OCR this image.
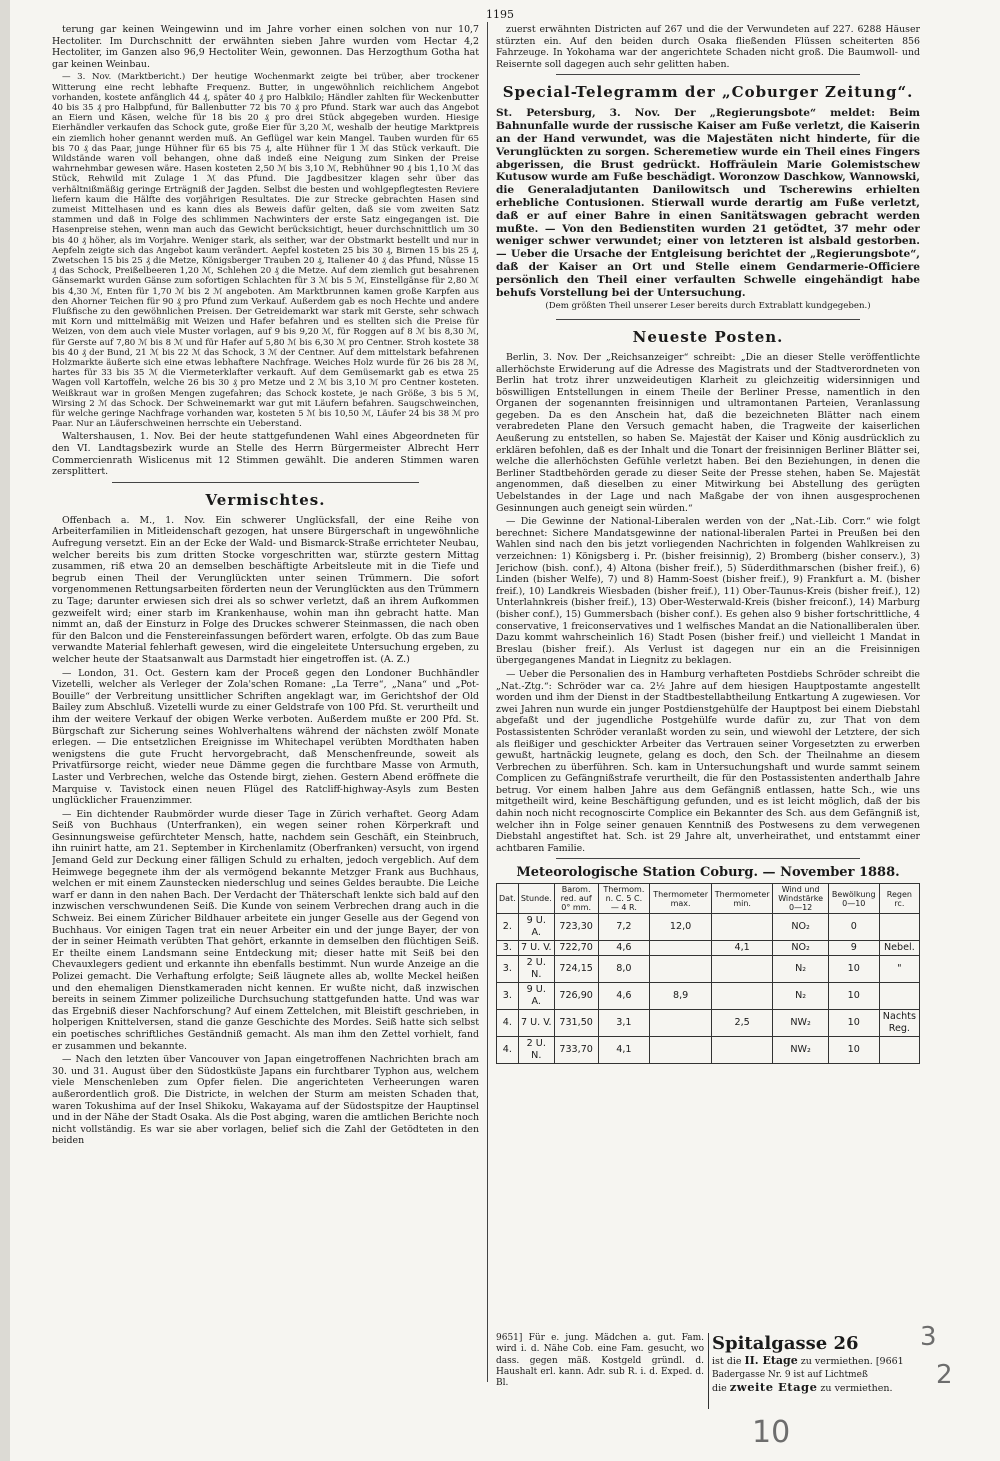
1195

terung gar keinen Weingewinn und im Jahre vorher einen solchen von nur 10,7 Hectoliter. Im Durchschnitt der erwähnten sieben Jahre wurden vom Hectar 4,2 Hectoliter, im Ganzen also 96,9 Hectoliter Wein, gewonnen. Das Herzogthum Gotha hat gar keinen Weinbau.

— 3. Nov. (Marktbericht.) Der heutige Wochenmarkt zeigte bei trüber, aber trockener Witterung eine recht lebhafte Frequenz. Butter, in ungewöhnlich reichlichem Angebot vorhanden, kostete anfänglich 44 ₰, später 40 ₰ pro Halbkilo; Händler zahlten für Weckenbutter 40 bis 35 ₰ pro Halbpfund, für Ballenbutter 72 bis 70 ₰ pro Pfund. Stark war auch das Angebot an Eiern und Käsen, welche für 18 bis 20 ₰ pro drei Stück abgegeben wurden. Hiesige Eierhändler verkaufen das Schock gute, große Eier für 3,20 ℳ, weshalb der heutige Marktpreis ein ziemlich hoher genannt werden muß. An Geflügel war kein Mangel. Tauben wurden für 65 bis 70 ₰ das Paar, junge Hühner für 65 bis 75 ₰, alte Hühner für 1 ℳ das Stück verkauft. Die Wildstände waren voll behangen, ohne daß indeß eine Neigung zum Sinken der Preise wahrnehmbar gewesen wäre. Hasen kosteten 2,50 ℳ bis 3,10 ℳ, Rebhühner 90 ₰ bis 1,10 ℳ das Stück, Rehwild mit Zulage 1 ℳ das Pfund. Die Jagdbesitzer klagen sehr über das verhältnißmäßig geringe Erträgniß der Jagden. Selbst die besten und wohlgepflegtesten Reviere liefern kaum die Hälfte des vorjährigen Resultates. Die zur Strecke gebrachten Hasen sind zumeist Mittelhasen und es kann dies als Beweis dafür gelten, daß sie vom zweiten Satz stammen und daß in Folge des schlimmen Nachwinters der erste Satz eingegangen ist. Die Hasenpreise stehen, wenn man auch das Gewicht berücksichtigt, heuer durchschnittlich um 30 bis 40 ₰ höher, als im Vorjahre. Weniger stark, als seither, war der Obstmarkt bestellt und nur in Aepfeln zeigte sich das Angebot kaum verändert. Aepfel kosteten 25 bis 30 ₰, Birnen 15 bis 25 ₰, Zwetschen 15 bis 25 ₰ die Metze, Königsberger Trauben 20 ₰, Italiener 40 ₰ das Pfund, Nüsse 15 ₰ das Schock, Preißelbeeren 1,20 ℳ, Schlehen 20 ₰ die Metze. Auf dem ziemlich gut besahrenen Gänsemarkt wurden Gänse zum sofortigen Schlachten für 3 ℳ bis 5 ℳ, Einstellgänse für 2,80 ℳ bis 4,30 ℳ, Enten für 1,70 ℳ bis 2 ℳ angeboten. Am Marktbrunnen kamen große Karpfen aus den Ahorner Teichen für 90 ₰ pro Pfund zum Verkauf. Außerdem gab es noch Hechte und andere Flußfische zu den gewöhnlichen Preisen. Der Getreidemarkt war stark mit Gerste, sehr schwach mit Korn und mittelmäßig mit Weizen und Hafer befahren und es stellten sich die Preise für Weizen, von dem auch viele Muster vorlagen, auf 9 bis 9,20 ℳ, für Roggen auf 8 ℳ bis 8,30 ℳ, für Gerste auf 7,80 ℳ bis 8 ℳ und für Hafer auf 5,80 ℳ bis 6,30 ℳ pro Centner. Stroh kostete 38 bis 40 ₰ der Bund, 21 ℳ bis 22 ℳ das Schock, 3 ℳ der Centner. Auf dem mittelstark befahrenen Holzmarkte äußerte sich eine etwas lebhaftere Nachfrage. Weiches Holz wurde für 26 bis 28 ℳ, hartes für 33 bis 35 ℳ die Viermeterklafter verkauft. Auf dem Gemüsemarkt gab es etwa 25 Wagen voll Kartoffeln, welche 26 bis 30 ₰ pro Metze und 2 ℳ bis 3,10 ℳ pro Centner kosteten. Weißkraut war in großen Mengen zugefahren; das Schock kostete, je nach Größe, 3 bis 5 ℳ, Wirsing 2 ℳ das Schock. Der Schweinemarkt war gut mit Läufern befahren. Saugschweinchen, für welche geringe Nachfrage vorhanden war, kosteten 5 ℳ bis 10,50 ℳ, Läufer 24 bis 38 ℳ pro Paar. Nur an Läuferschweinen herrschte ein Ueberstand.

Waltershausen, 1. Nov. Bei der heute stattgefundenen Wahl eines Abgeordneten für den VI. Landtagsbezirk wurde an Stelle des Herrn Bürgermeister Albrecht Herr Commercienrath Wislicenus mit 12 Stimmen gewählt. Die anderen Stimmen waren zersplittert.

Vermischtes.

Offenbach a. M., 1. Nov. Ein schwerer Unglücksfall, der eine Reihe von Arbeiterfamilien in Mitleidenschaft gezogen, hat unsere Bürgerschaft in ungewöhnliche Aufregung versetzt. Ein an der Ecke der Wald- und Bismarck-Straße errichteter Neubau, welcher bereits bis zum dritten Stocke vorgeschritten war, stürzte gestern Mittag zusammen, riß etwa 20 an demselben beschäftigte Arbeitsleute mit in die Tiefe und begrub einen Theil der Verunglückten unter seinen Trümmern. Die sofort vorgenommenen Rettungsarbeiten förderten neun der Verunglückten aus den Trümmern zu Tage; darunter erwiesen sich drei als so schwer verletzt, daß an ihrem Aufkommen gezweifelt wird; einer starb im Krankenhause, wohin man ihn gebracht hatte. Man nimmt an, daß der Einsturz in Folge des Druckes schwerer Steinmassen, die nach oben für den Balcon und die Fenstereinfassungen befördert waren, erfolgte. Ob das zum Baue verwandte Material fehlerhaft gewesen, wird die eingeleitete Untersuchung ergeben, zu welcher heute der Staatsanwalt aus Darmstadt hier eingetroffen ist. (A. Z.)

— London, 31. Oct. Gestern kam der Proceß gegen den Londoner Buchhändler Vizetelli, welcher als Verleger der Zola'schen Romane: „La Terre“, „Nana“ und „Pot-Bouille“ der Verbreitung unsittlicher Schriften angeklagt war, im Gerichtshof der Old Bailey zum Abschluß. Vizetelli wurde zu einer Geldstrafe von 100 Pfd. St. verurtheilt und ihm der weitere Verkauf der obigen Werke verboten. Außerdem mußte er 200 Pfd. St. Bürgschaft zur Sicherung seines Wohlverhaltens während der nächsten zwölf Monate erlegen. — Die entsetzlichen Ereignisse im Whitechapel verübten Mordthaten haben wenigstens die gute Frucht hervorgebracht, daß Menschenfreunde, soweit als Privatfürsorge reicht, wieder neue Dämme gegen die furchtbare Masse von Armuth, Laster und Verbrechen, welche das Ostende birgt, ziehen. Gestern Abend eröffnete die Marquise v. Tavistock einen neuen Flügel des Ratcliff-highway-Asyls zum Besten unglücklicher Frauenzimmer.

— Ein dichtender Raubmörder wurde dieser Tage in Zürich verhaftet. Georg Adam Seiß von Buchhaus (Unterfranken), ein wegen seiner rohen Körperkraft und Gesinnungsweise gefürchteter Mensch, hatte, nachdem sein Geschäft, ein Steinbruch, ihn ruinirt hatte, am 21. September in Kirchenlamitz (Oberfranken) versucht, von irgend Jemand Geld zur Deckung einer fälligen Schuld zu erhalten, jedoch vergeblich. Auf dem Heimwege begegnete ihm der als vermögend bekannte Metzger Frank aus Buchhaus, welchen er mit einem Zaunstecken niederschlug und seines Geldes beraubte. Die Leiche warf er dann in den nahen Bach. Der Verdacht der Thäterschaft lenkte sich bald auf den inzwischen verschwundenen Seiß. Die Kunde von seinem Verbrechen drang auch in die Schweiz. Bei einem Züricher Bildhauer arbeitete ein junger Geselle aus der Gegend von Buchhaus. Vor einigen Tagen trat ein neuer Arbeiter ein und der junge Bayer, der von der in seiner Heimath verübten That gehört, erkannte in demselben den flüchtigen Seiß. Er theilte einem Landsmann seine Entdeckung mit; dieser hatte mit Seiß bei den Chevauxlegers gedient und erkannte ihn ebenfalls bestimmt. Nun wurde Anzeige an die Polizei gemacht. Die Verhaftung erfolgte; Seiß läugnete alles ab, wollte Meckel heißen und den ehemaligen Dienstkameraden nicht kennen. Er wußte nicht, daß inzwischen bereits in seinem Zimmer polizeiliche Durchsuchung stattgefunden hatte. Und was war das Ergebniß dieser Nachforschung? Auf einem Zettelchen, mit Bleistift geschrieben, in holperigen Knittelversen, stand die ganze Geschichte des Mordes. Seiß hatte sich selbst ein poetisches schriftliches Geständniß gemacht. Als man ihm den Zettel vorhielt, fand er zusammen und bekannte.

— Nach den letzten über Vancouver von Japan eingetroffenen Nachrichten brach am 30. und 31. August über den Südostküste Japans ein furchtbarer Typhon aus, welchem viele Menschenleben zum Opfer fielen. Die angerichteten Verheerungen waren außerordentlich groß. Die Districte, in welchen der Sturm am meisten Schaden that, waren Tokushima auf der Insel Shikoku, Wakayama auf der Südostspitze der Hauptinsel und in der Nähe der Stadt Osaka. Als die Post abging, waren die amtlichen Berichte noch nicht vollständig. Es war sie aber vorlagen, belief sich die Zahl der Getödteten in den beiden

zuerst erwähnten Districten auf 267 und die der Verwundeten auf 227. 6288 Häuser stürzten ein. Auf den beiden durch Osaka fließenden Flüssen scheiterten 856 Fahrzeuge. In Yokohama war der angerichtete Schaden nicht groß. Die Baumwoll- und Reisernte soll dagegen auch sehr gelitten haben.

Special-Telegramm der „Coburger Zeitung“.

St. Petersburg, 3. Nov. Der „Regierungsbote“ meldet: Beim Bahnunfalle wurde der russische Kaiser am Fuße verletzt, die Kaiserin an der Hand verwundet, was die Majestäten nicht hinderte, für die Verunglückten zu sorgen. Scheremetiew wurde ein Theil eines Fingers abgerissen, die Brust gedrückt. Hoffräulein Marie Golemistschew Kutusow wurde am Fuße beschädigt. Woronzow Daschkow, Wannowski, die Generaladjutanten Danilowitsch und Tscherewins erhielten erhebliche Contusionen. Stierwall wurde derartig am Fuße verletzt, daß er auf einer Bahre in einen Sanitätswagen gebracht werden mußte. — Von den Bedienstiten wurden 21 getödtet, 37 mehr oder weniger schwer verwundet; einer von letzteren ist alsbald gestorben. — Ueber die Ursache der Entgleisung berichtet der „Regierungsbote“, daß der Kaiser an Ort und Stelle einem Gendarmerie-Officiere persönlich den Theil einer verfaulten Schwelle eingehändigt habe behufs Vorstellung bei der Untersuchung.

(Dem größten Theil unserer Leser bereits durch Extrablatt kundgegeben.)
Neueste Posten.

Berlin, 3. Nov. Der „Reichsanzeiger“ schreibt: „Die an dieser Stelle veröffentlichte allerhöchste Erwiderung auf die Adresse des Magistrats und der Stadtverordneten von Berlin hat trotz ihrer unzweideutigen Klarheit zu gleichzeitig widersinnigen und böswilligen Entstellungen in einem Theile der Berliner Presse, namentlich in den Organen der sogenannten freisinnigen und ultramontanen Parteien, Veranlassung gegeben. Da es den Anschein hat, daß die bezeichneten Blätter nach einem verabredeten Plane den Versuch gemacht haben, die Tragweite der kaiserlichen Aeußerung zu entstellen, so haben Se. Majestät der Kaiser und König ausdrücklich zu erklären befohlen, daß es der Inhalt und die Tonart der freisinnigen Berliner Blätter sei, welche die allerhöchsten Gefühle verletzt haben. Bei den Beziehungen, in denen die Berliner Stadtbehörden gerade zu dieser Seite der Presse stehen, haben Se. Majestät angenommen, daß dieselben zu einer Mitwirkung bei Abstellung des gerügten Uebelstandes in der Lage und nach Maßgabe der von ihnen ausgesprochenen Gesinnungen auch geneigt sein würden.“

— Die Gewinne der National-Liberalen werden von der „Nat.-Lib. Corr.“ wie folgt berechnet: Sichere Mandatsgewinne der national-liberalen Partei in Preußen bei den Wahlen sind nach den bis jetzt vorliegenden Nachrichten in folgenden Wahlkreisen zu verzeichnen: 1) Königsberg i. Pr. (bisher freisinnig), 2) Bromberg (bisher conserv.), 3) Jerichow (bish. conf.), 4) Altona (bisher freif.), 5) Süderdithmarschen (bisher freif.), 6) Linden (bisher Welfe), 7) und 8) Hamm-Soest (bisher freif.), 9) Frankfurt a. M. (bisher freif.), 10) Landkreis Wiesbaden (bisher freif.), 11) Ober-Taunus-Kreis (bisher freif.), 12) Unterlahnkreis (bisher freif.), 13) Ober-Westerwald-Kreis (bisher freiconf.), 14) Marburg (bisher conf.), 15) Gummersbach (bisher conf.). Es gehen also 9 bisher fortschrittliche, 4 conservative, 1 freiconservatives und 1 welfisches Mandat an die Nationalliberalen über. Dazu kommt wahrscheinlich 16) Stadt Posen (bisher freif.) und vielleicht 1 Mandat in Breslau (bisher freif.). Als Verlust ist dagegen nur ein an die Freisinnigen übergegangenes Mandat in Liegnitz zu beklagen.

— Ueber die Personalien des in Hamburg verhafteten Postdiebs Schröder schreibt die „Nat.-Ztg.“: Schröder war ca. 2½ Jahre auf dem hiesigen Hauptpostamte angestellt worden und ihm der Dienst in der Stadtbestellabtheilung Entkartung A zugewiesen. Vor zwei Jahren nun wurde ein junger Postdienstgehülfe der Hauptpost bei einem Diebstahl abgefaßt und der jugendliche Postgehülfe wurde dafür zu, zur That von dem Postassistenten Schröder veranlaßt worden zu sein, und wiewohl der Letztere, der sich als fleißiger und geschickter Arbeiter das Vertrauen seiner Vorgesetzten zu erwerben gewußt, hartnäckig leugnete, gelang es doch, den Sch. der Theilnahme an diesem Verbrechen zu überführen. Sch. kam in Untersuchungshaft und wurde sammt seinem Complicen zu Gefängnißstrafe verurtheilt, die für den Postassistenten anderthalb Jahre betrug. Vor einem halben Jahre aus dem Gefängniß entlassen, hatte Sch., wie uns mitgetheilt wird, keine Beschäftigung gefunden, und es ist leicht möglich, daß der bis dahin noch nicht recognoscirte Complice ein Bekannter des Sch. aus dem Gefängniß ist, welcher ihn in Folge seiner genauen Kenntniß des Postwesens zu dem verwegenen Diebstahl angestiftet hat. Sch. ist 29 Jahre alt, unverheirathet, und entstammt einer achtbaren Familie.

Meteorologische Station Coburg. — November 1888.
Dat.	Stunde.	Barom. red. auf 0° mm.	Thermom. n. C. 5 C. — 4 R.	Thermometer max.	Thermometer min.	Wind und Windstärke 0—12	Bewölkung 0—10	Regen rc.
2.	9 U. A.	723,30	7,2	12,0		NO₂	0	
3.	7 U. V.	722,70	4,6		4,1	NO₂	9	Nebel.
3.	2 U. N.	724,15	8,0			N₂	10	"
3.	9 U. A.	726,90	4,6	8,9		N₂	10	
4.	7 U. V.	731,50	3,1		2,5	NW₂	10	Nachts Reg.
4.	2 U. N.	733,70	4,1			NW₂	10	
9651] Für e. jung. Mädchen a. gut. Fam. wird i. d. Nähe Cob. eine Fam. gesucht, wo dass. gegen mäß. Kostgeld gründl. d. Haushalt erl. kann. Adr. sub R. i. d. Exped. d. Bl.
Spitalgasse 26
ist die II. Etage zu vermiethen. [9661
Badergasse Nr. 9 ist auf Lichtmeß
die zweite Etage zu vermiethen.
3
2
10
